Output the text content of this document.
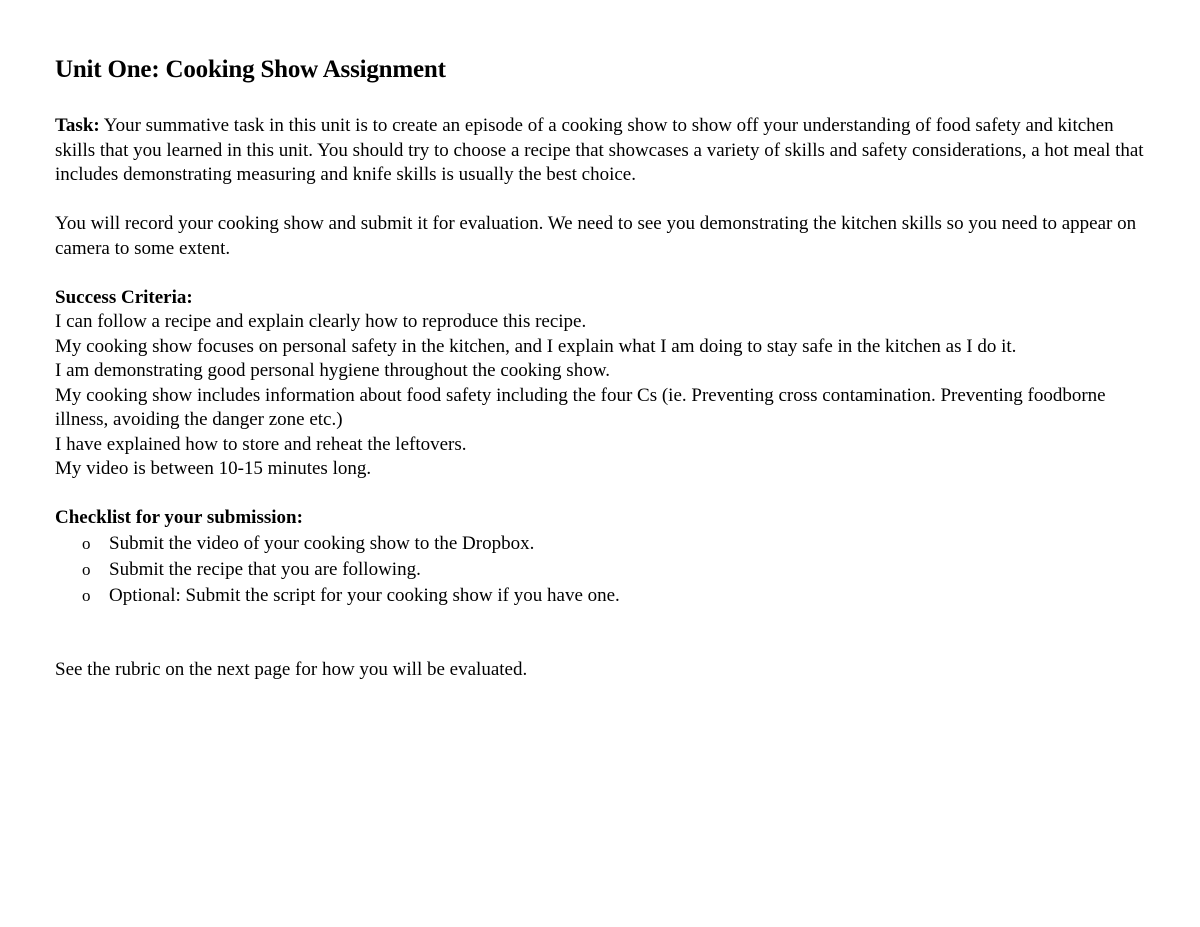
Unit One: Cooking Show Assignment

Task: Your summative task in this unit is to create an episode of a cooking show to show off your understanding of food safety and kitchen skills that you learned in this unit. You should try to choose a recipe that showcases a variety of skills and safety considerations, a hot meal that includes demonstrating measuring and knife skills is usually the best choice.

You will record your cooking show and submit it for evaluation. We need to see you demonstrating the kitchen skills so you need to appear on camera to some extent.

Success Criteria:

I can follow a recipe and explain clearly how to reproduce this recipe.
My cooking show focuses on personal safety in the kitchen, and I explain what I am doing to stay safe in the kitchen as I do it.
I am demonstrating good personal hygiene throughout the cooking show.
My cooking show includes information about food safety including the four Cs (ie. Preventing cross contamination. Preventing foodborne illness, avoiding the danger zone etc.)
I have explained how to store and reheat the leftovers.
My video is between 10-15 minutes long.

Checklist for your submission:

o Submit the video of your cooking show to the Dropbox.
o Submit the recipe that you are following.
o Optional: Submit the script for your cooking show if you have one.

See the rubric on the next page for how you will be evaluated.
